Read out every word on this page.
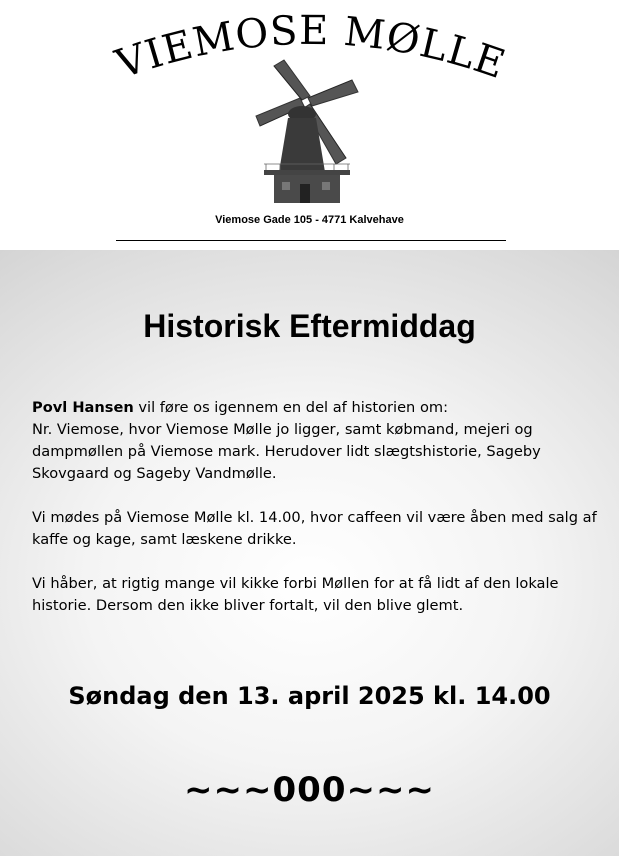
VIEMOSE MØLLE
Viemose Gade 105 - 4771 Kalvehave
Historisk Eftermiddag

Povl Hansen vil føre os igennem en del af historien om:
Nr. Viemose, hvor Viemose Mølle jo ligger, samt købmand, mejeri og dampmøllen på Viemose mark. Herudover lidt slægtshistorie, Sageby Skovgaard og Sageby Vandmølle.

Vi mødes på Viemose Mølle kl. 14.00, hvor caffeen vil være åben med salg af kaffe og kage, samt læskene drikke.

Vi håber, at rigtig mange vil kikke forbi Møllen for at få lidt af den lokale historie. Dersom den ikke bliver fortalt, vil den blive glemt.

Søndag den 13. april 2025 kl. 14.00
~~~000~~~
